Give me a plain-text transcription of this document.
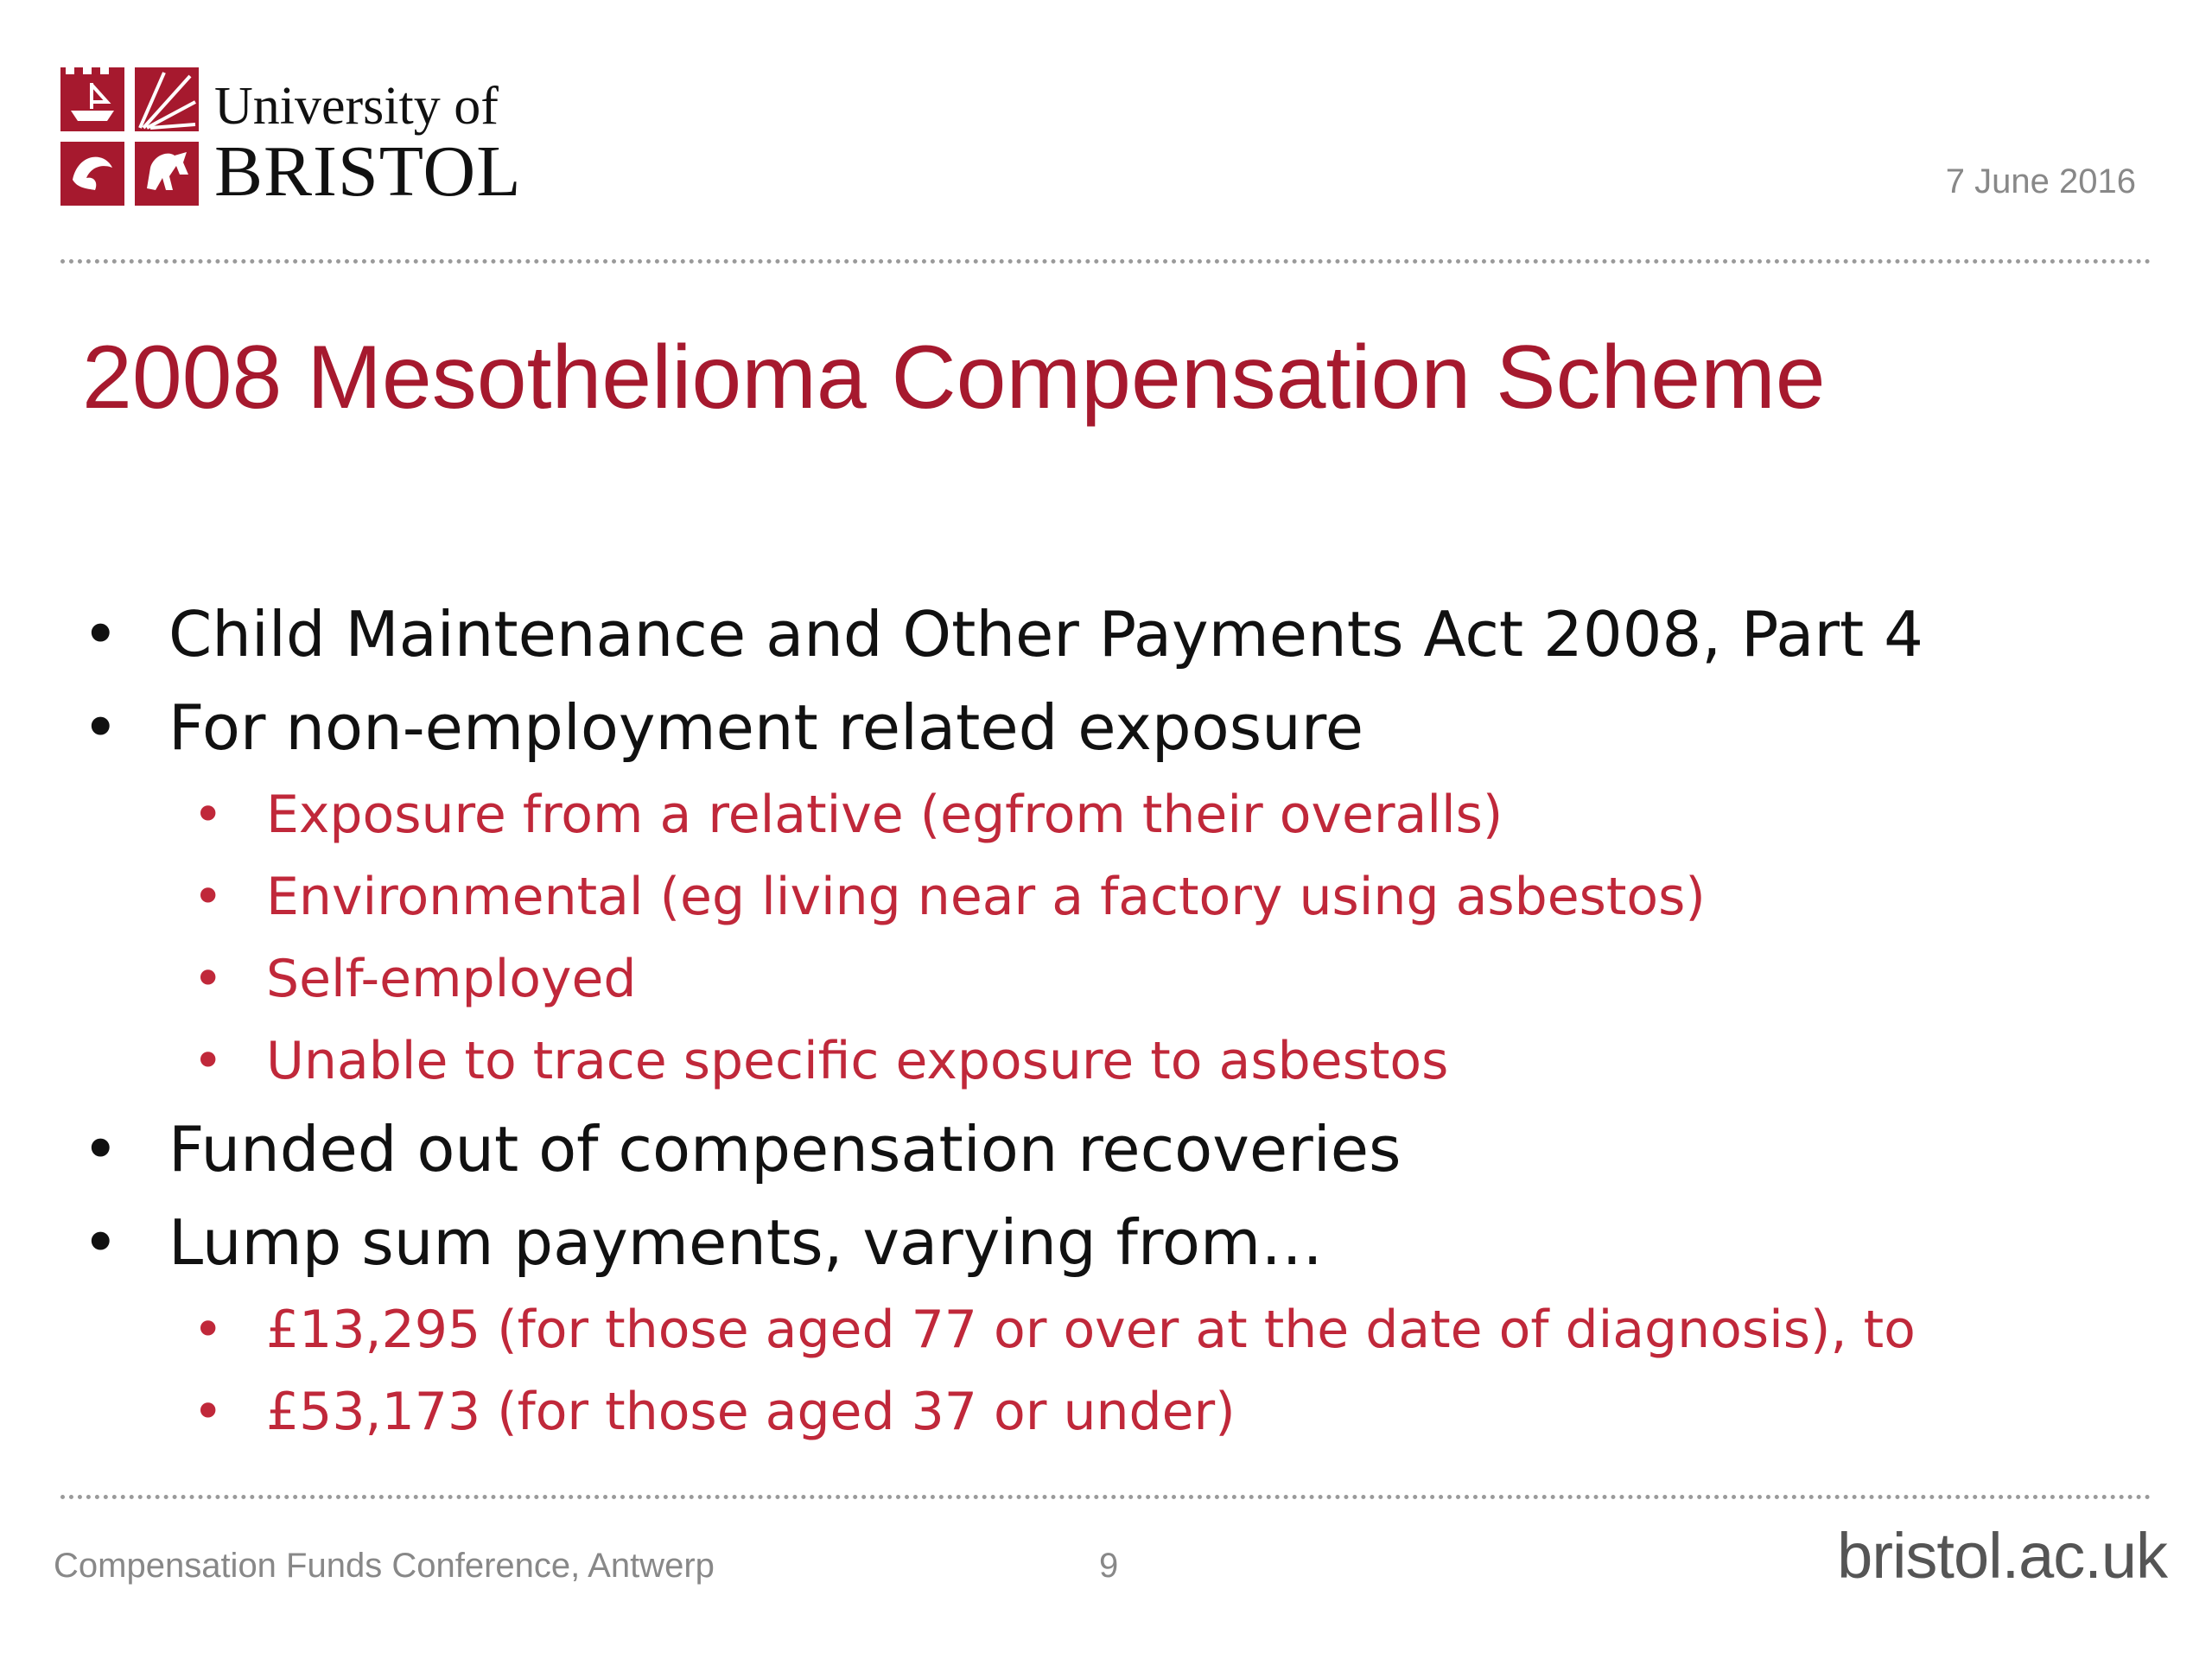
University of
BRISTOL	7 June 2016
2008 Mesothelioma Compensation Scheme
• Child Maintenance and Other Payments Act 2008, Part 4
• For non-employment related exposure
• Exposure from a relative (egfrom their overalls)
• Environmental (eg living near a factory using asbestos)
• Self-employed
• Unable to trace specific exposure to asbestos
• Funded out of compensation recoveries
• Lump sum payments, varying from…
• £13,295 (for those aged 77 or over at the date of diagnosis), to
• £53,173 (for those aged 37 or under)
Compensation Funds Conference, Antwerp	9	bristol.ac.uk
